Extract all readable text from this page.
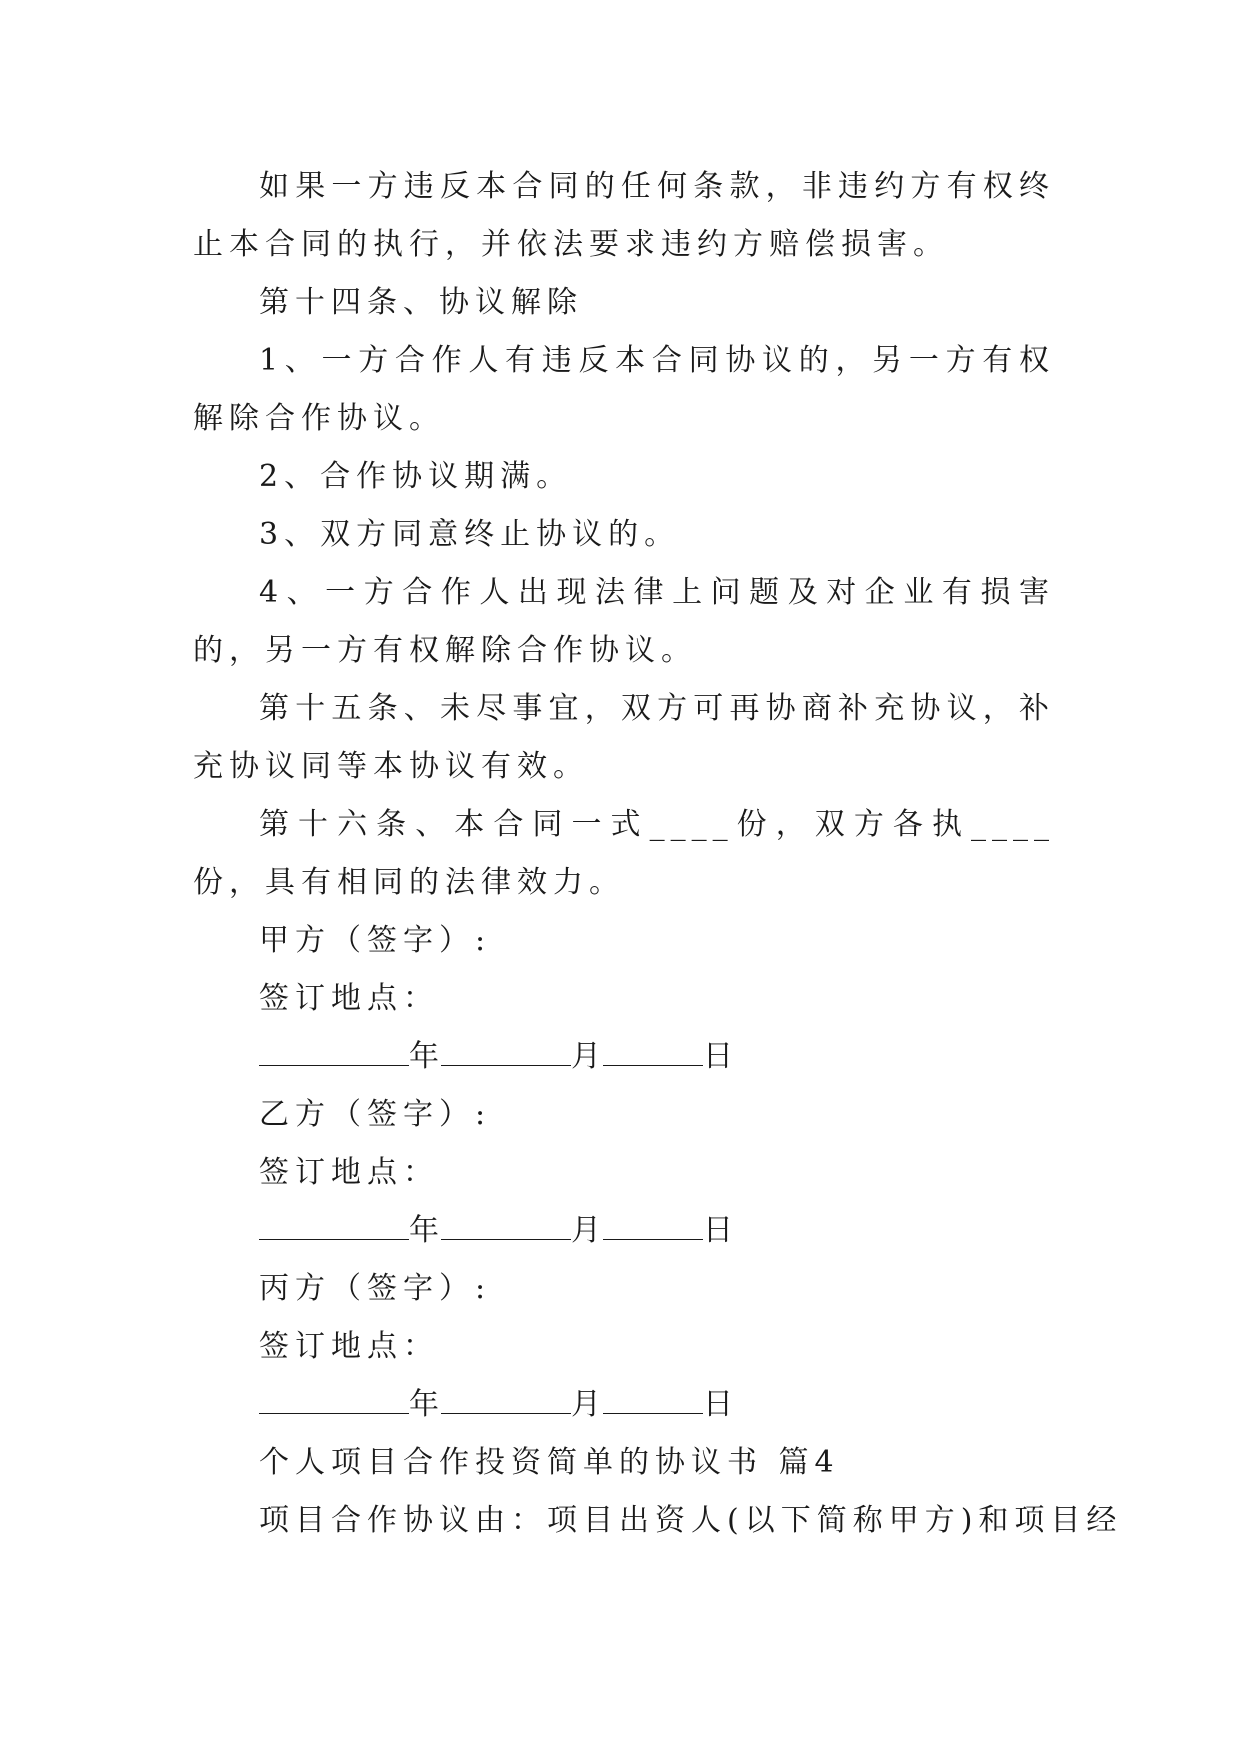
如果一方违反本合同的任何条款，非违约方有权终止本合同的执行，并依法要求违约方赔偿损害。

第十四条、协议解除

1、一方合作人有违反本合同协议的，另一方有权解除合作协议。

2、合作协议期满。

3、双方同意终止协议的。

4、一方合作人出现法律上问题及对企业有损害的，另一方有权解除合作协议。

第十五条、未尽事宜，双方可再协商补充协议，补充协议同等本协议有效。

第十六条、本合同一式____份，双方各执____份，具有相同的法律效力。

甲方（签字）:

签订地点：

年	月	日

乙方（签字）:

签订地点：

年	月	日

丙方（签字）:

签订地点：

年	月	日

个人项目合作投资简单的协议书 篇4

项目合作协议由：项目出资人(以下简称甲方)和项目经
